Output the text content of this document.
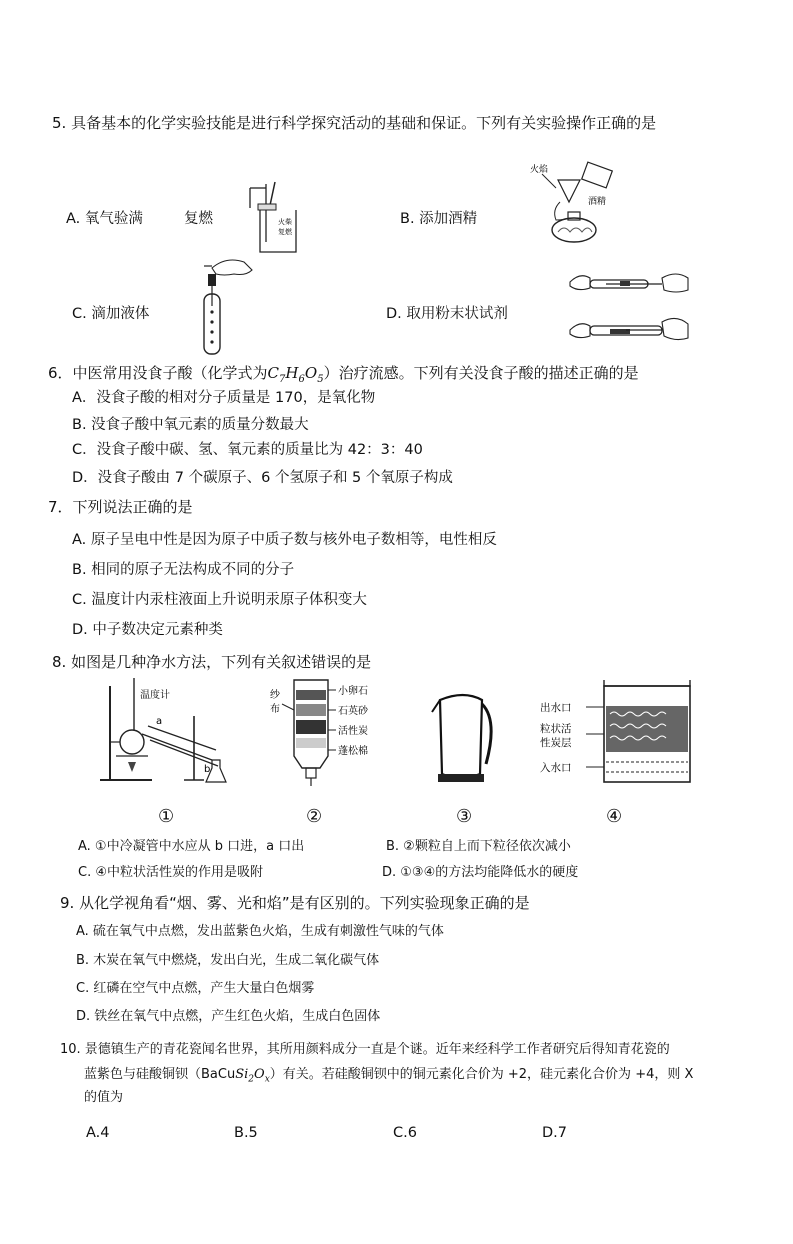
5. 具备基本的化学实验技能是进行科学探究活动的基础和保证。下列有关实验操作正确的是
A. 氧气验满	复燃	火柴
复燃
B. 添加酒精
火焰
酒精
C. 滴加液体	D. 取用粉末状试剂
6．中医常用没食子酸（化学式为$C_7H_6O_5$）治疗流感。下列有关没食子酸的描述正确的是
A．没食子酸的相对分子质量是 170，是氧化物
B. 没食子酸中氧元素的质量分数最大
C．没食子酸中碳、氢、氧元素的质量比为 42：3：40
D．没食子酸由 7 个碳原子、6 个氢原子和 5 个氧原子构成
7．下列说法正确的是
A. 原子呈电中性是因为原子中质子数与核外电子数相等，电性相反
B. 相同的原子无法构成不同的分子
C. 温度计内汞柱液面上升说明汞原子体积变大
D. 中子数决定元素种类
8. 如图是几种净水方法，下列有关叙述错误的是
温度计
a
b
纱
布
小卵石
石英砂
活性炭
蓬松棉
出水口
粒状活
性炭层
入水口
①	②	③	④
A. ①中冷凝管中水应从 b 口进，a 口出	B. ②颗粒自上而下粒径依次减小
C. ④中粒状活性炭的作用是吸附	D. ①③④的方法均能降低水的硬度
9. 从化学视角看“烟、雾、光和焰”是有区别的。下列实验现象正确的是
A. 硫在氧气中点燃，发出蓝紫色火焰，生成有刺激性气味的气体
B. 木炭在氧气中燃烧，发出白光，生成二氧化碳气体
C. 红磷在空气中点燃，产生大量白色烟雾
D. 铁丝在氧气中点燃，产生红色火焰，生成白色固体
10. 景德镇生产的青花瓷闻名世界，其所用颜料成分一直是个谜。近年来经科学工作者研究后得知青花瓷的
蓝紫色与硅酸铜钡$(BaCuSi_2O_x)$有关。若硅酸铜钡中的铜元素化合价为 +2，硅元素化合价为 +4，则 X
的值为
A.4	B.5	C.6	D.7
